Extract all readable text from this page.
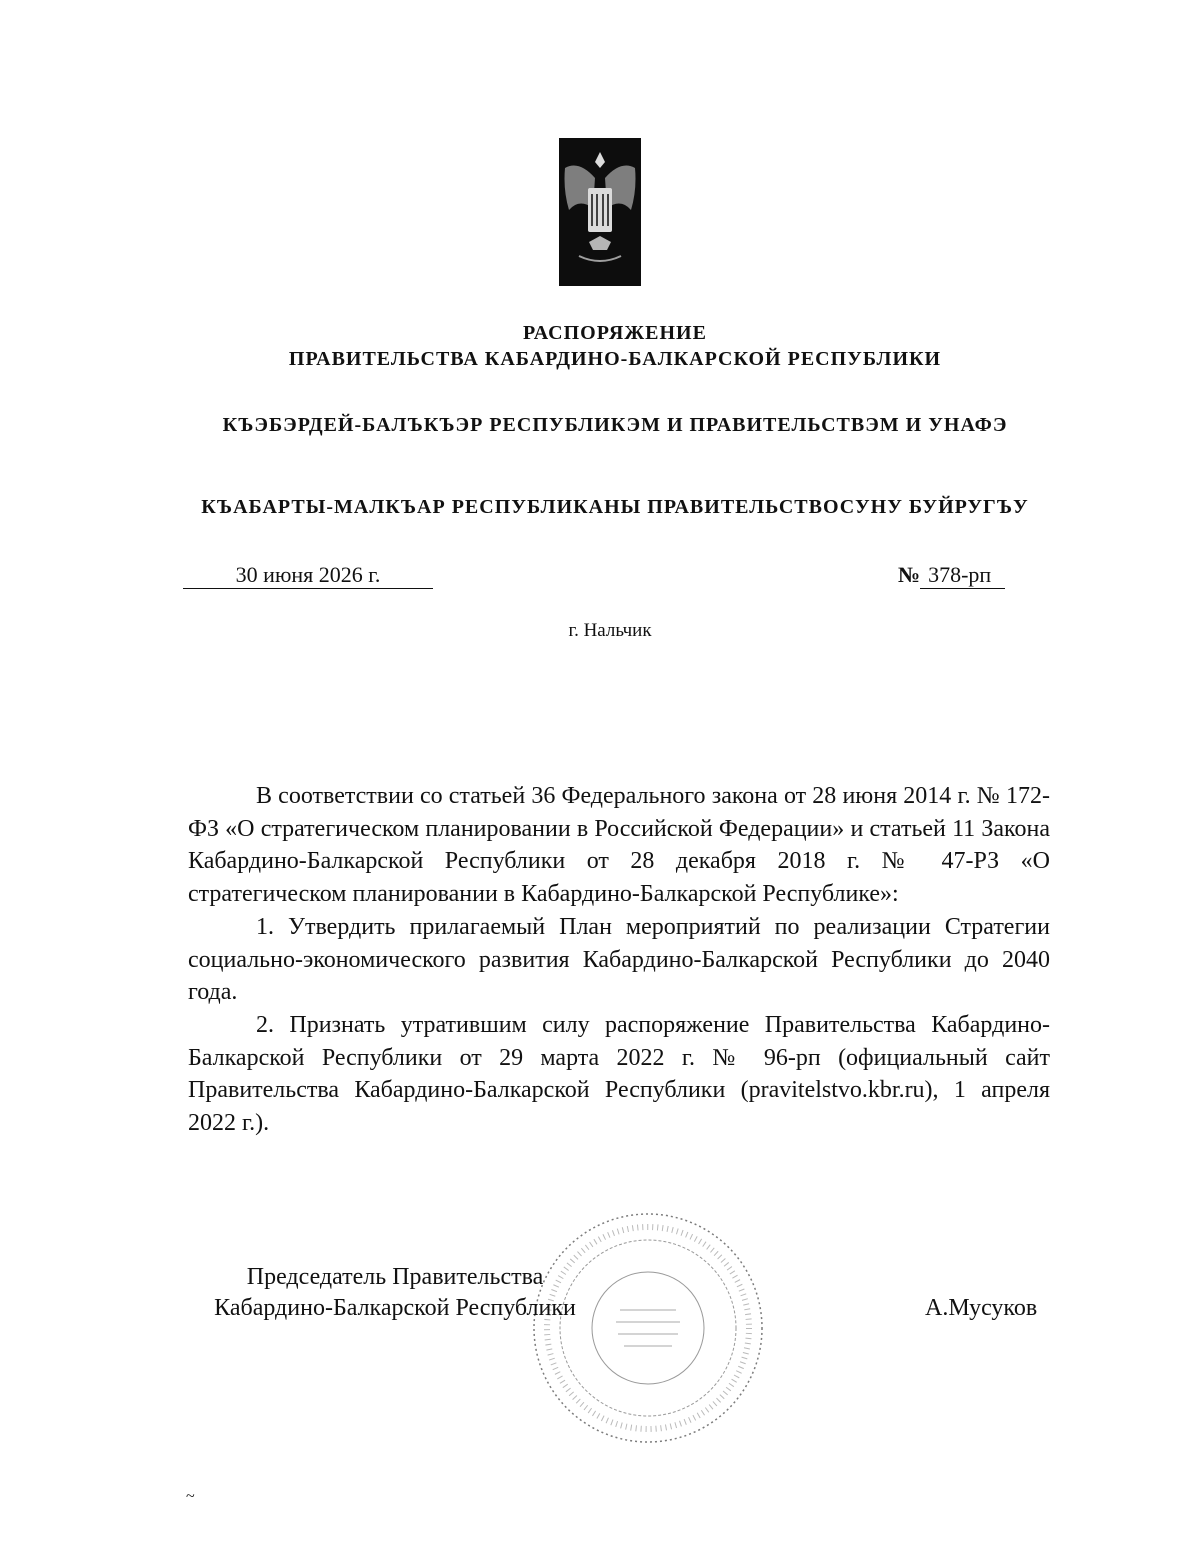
РАСПОРЯЖЕНИЕ
ПРАВИТЕЛЬСТВА КАБАРДИНО-БАЛКАРСКОЙ РЕСПУБЛИКИ
КЪЭБЭРДЕЙ-БАЛЪКЪЭР РЕСПУБЛИКЭМ И ПРАВИТЕЛЬСТВЭМ И УНАФЭ
КЪАБАРТЫ-МАЛКЪАР РЕСПУБЛИКАНЫ ПРАВИТЕЛЬСТВОСУНУ БУЙРУГЪУ
30 июня 2026 г.	№ 378-рп
г. Нальчик

В соответствии со статьей 36 Федерального закона от 28 июня 2014 г. № 172-ФЗ «О стратегическом планировании в Российской Федерации» и статьей 11 Закона Кабардино-Балкарской Республики от 28 декабря 2018 г. № 47-РЗ «О стратегическом планировании в Кабардино-Балкарской Республике»:

1. Утвердить прилагаемый План мероприятий по реализации Стратегии социально-экономического развития Кабардино-Балкарской Республики до 2040 года.

2. Признать утратившим силу распоряжение Правительства Кабардино-Балкарской Республики от 29 марта 2022 г. № 96-рп (официальный сайт Правительства Кабардино-Балкарской Республики (pravitelstvo.kbr.ru), 1 апреля 2022 г.).

Председатель Правительства
Кабардино-Балкарской Республики	А.Мусуков
~
